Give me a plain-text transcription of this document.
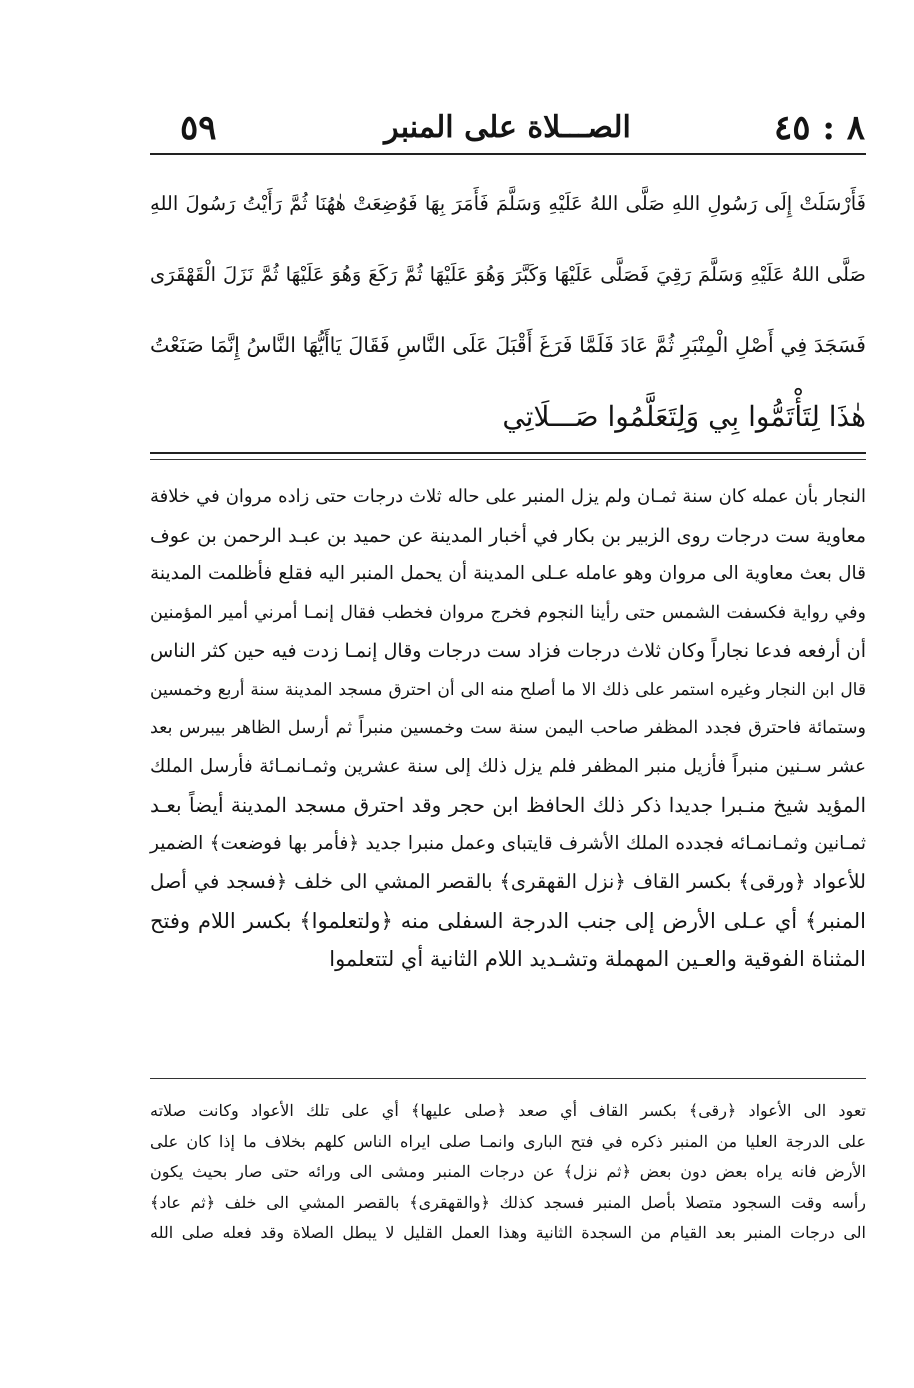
٨ : ٤٥
الصـــلاة على المنبر
٥٩
فَأَرْسَلَتْ إِلَى رَسُولِ اللهِ صَلَّى اللهُ عَلَيْهِ وَسَلَّمَ فَأَمَرَ بِهَا فَوُضِعَتْ هٰهُنَا ثُمَّ رَأَيْتُ رَسُولَ اللهِ
صَلَّى اللهُ عَلَيْهِ وَسَلَّمَ رَقِيَ فَصَلَّى عَلَيْهَا وَكَبَّرَ وَهُوَ عَلَيْهَا ثُمَّ رَكَعَ وَهُوَ عَلَيْهَا ثُمَّ نَزَلَ الْقَهْقَرَى
فَسَجَدَ فِي أَصْلِ الْمِنْبَرِ ثُمَّ عَادَ فَلَمَّا فَرَغَ أَقْبَلَ عَلَى النَّاسِ فَقَالَ يَاأَيُّهَا النَّاسُ إِنَّمَا صَنَعْتُ
هٰذَا لِتَأْتَمُّوا بِي وَلِتَعَلَّمُوا صَـــلَاتِي
النجار بأن عمله كان سنة ثمـان ولم يزل المنبر على حاله ثلاث درجات حتى زاده مروان في خلافة
معاوية ست درجات روى الزبير بن بكار في أخبار المدينة عن حميد بن عبـد الرحمن بن عوف
قال بعث معاوية الى مروان وهو عامله عـلى المدينة أن يحمل المنبر اليه فقلع فأظلمت المدينة
وفي رواية فكسفت الشمس حتى رأينا النجوم فخرج مروان فخطب فقال إنمـا أمرني أمير المؤمنين
أن أرفعه فدعا نجاراً وكان ثلاث درجات فزاد ست درجات وقال إنمـا زدت فيه حين كثر الناس
قال ابن النجار وغيره استمر على ذلك الا ما أصلح منه الى أن احترق مسجد المدينة سنة أربع وخمسين
وستمائة فاحترق فجدد المظفر صاحب اليمن سنة ست وخمسين منبراً ثم أرسل الظاهر بيبرس بعد
عشر سـنين منبراً فأزيل منبر المظفر فلم يزل ذلك إلى سنة عشرين وثمـانمـائة فأرسل الملك
المؤيد شيخ منـبرا جديدا ذكر ذلك الحافظ ابن حجر وقد احترق مسجد المدينة أيضاً بعـد
ثمـانين وثمـانمـائه فجدده الملك الأشرف قايتباى وعمل منبرا جديد ﴿فأمر بها فوضعت﴾ الضمير
للأعواد ﴿ورقى﴾ بكسر القاف ﴿نزل القهقرى﴾ بالقصر المشي الى خلف ﴿فسجد في أصل
المنبر﴾ أي عـلى الأرض إلى جنب الدرجة السفلى منه ﴿ولتعلموا﴾ بكسر اللام وفتح
المثناة الفوقية والعـين المهملة وتشـديد اللام الثانية أي لتتعلموا
تعود الى الأعواد ﴿رقى﴾ بكسر القاف أي صعد ﴿صلى عليها﴾ أي على تلك الأعواد وكانت صلاته
على الدرجة العليا من المنبر ذكره في فتح البارى وانمـا صلى ايراه الناس كلهم بخلاف ما إذا كان على
الأرض فانه يراه بعض دون بعض ﴿ثم نزل﴾ عن درجات المنبر ومشى الى ورائه حتى صار بحيث يكون
رأسه وقت السجود متصلا بأصل المنبر فسجد كذلك ﴿والقهقرى﴾ بالقصر المشي الى خلف ﴿ثم عاد﴾
الى درجات المنبر بعد القيام من السجدة الثانية وهذا العمل القليل لا يبطل الصلاة وقد فعله صلى الله
